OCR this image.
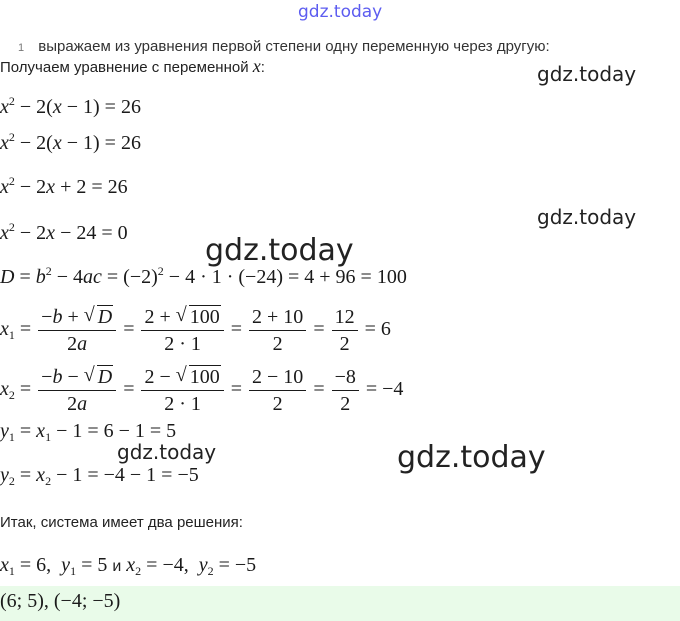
gdz.today
1 выражаем из уравнения первой степени одну переменную через другую:
Получаем уравнение с переменной x:	gdz.today
gdz.today
gdz.today
gdz.today	gdz.today
$x^2 - 2(x - 1) = 26$
$x^2 - 2(x - 1) = 26$
$x^2 - 2x + 2 = 26$
$x^2 - 2x - 24 = 0$
$D = b^2 - 4ac = (-2)^2 - 4 \cdot 1 \cdot (-24) = 4 + 96 = 100$
$x_1 = \frac{-b + √ D}{2a} = \frac{2 + √ 100}{2 \cdot 1} = \frac{2 + 10}{2} = \frac{12}{2} = 6$
$x_2 = \frac{-b - √ D}{2a} = \frac{2 - √ 100}{2 \cdot 1} = \frac{2 - 10}{2} = \frac{-8}{2} = -4$
$y_1 = x_1 - 1 = 6 - 1 = 5$
$y_2 = x_2 - 1 = -4 - 1 = -5$
Итак, система имеет два решения:
$x_1 = 6$,  $y_1 = 5$ и $x_2 = -4$,  $y_2 = -5$
(6; 5), (−4; −5)
